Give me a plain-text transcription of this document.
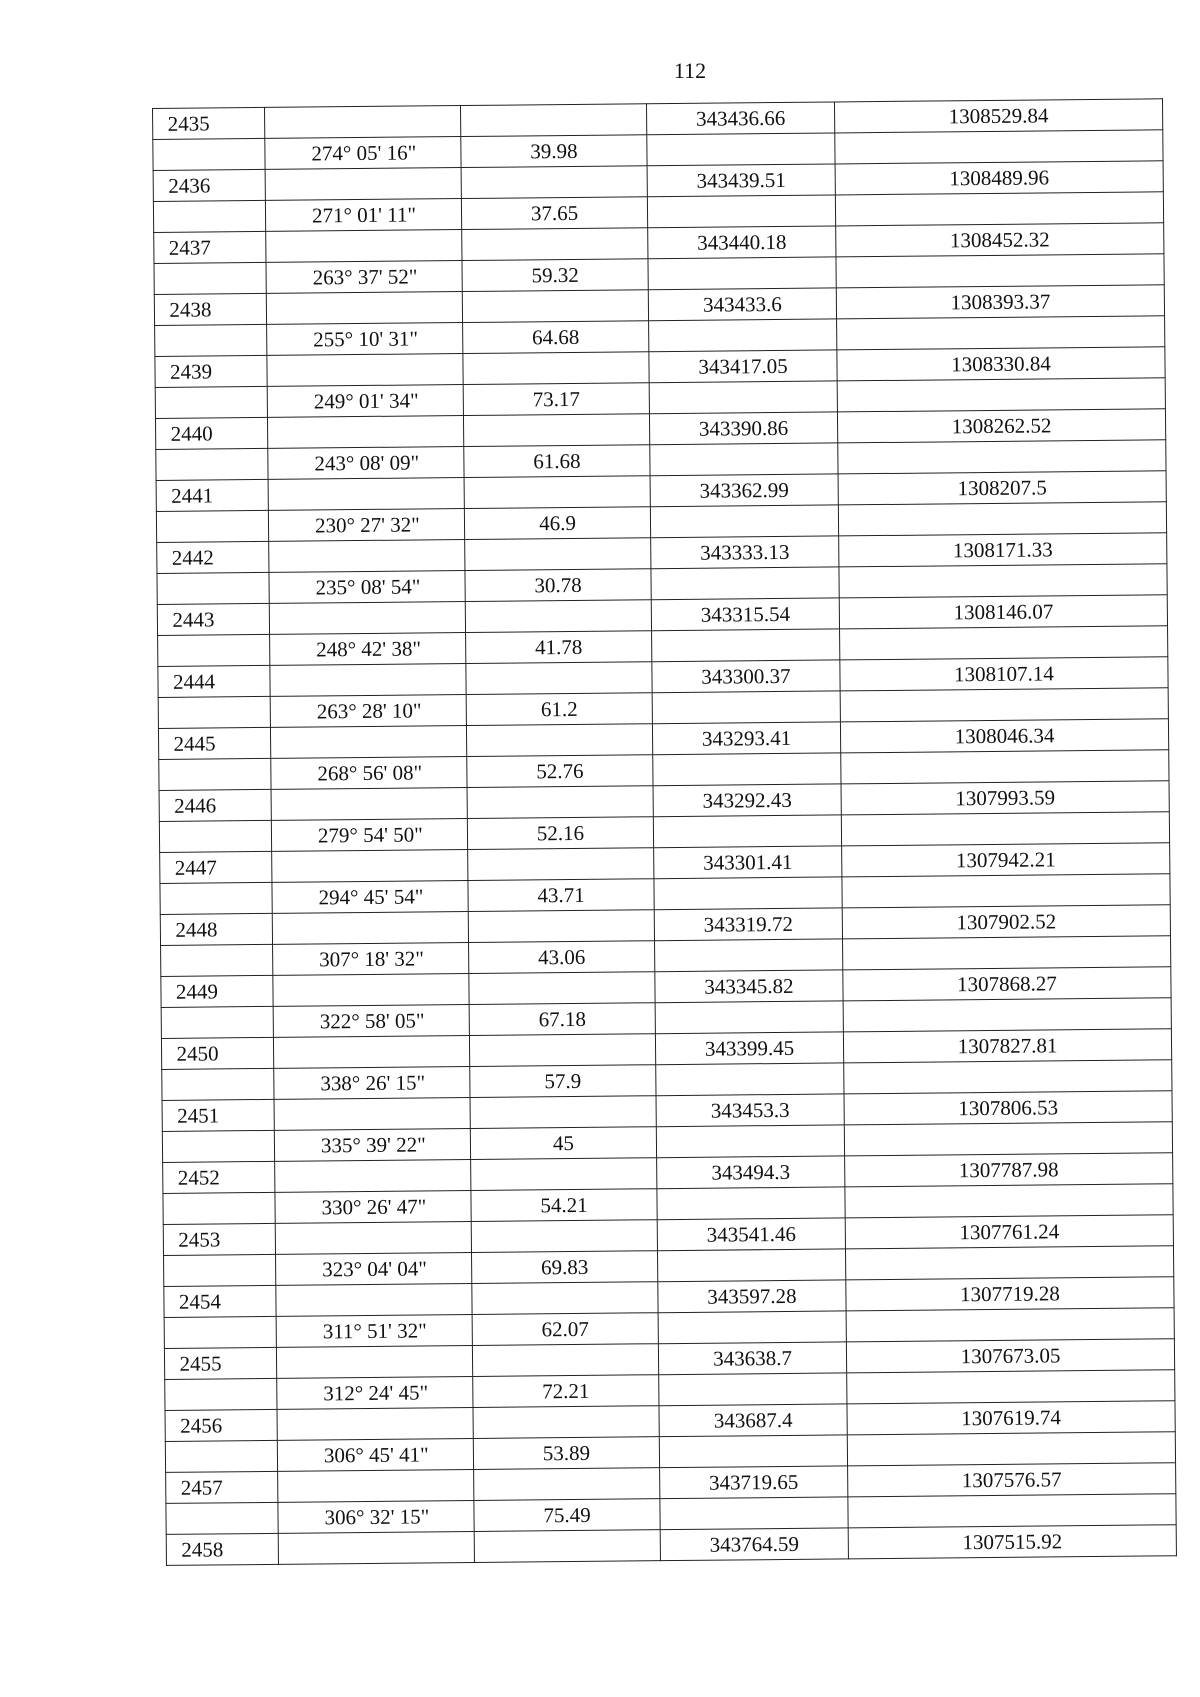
112
2435			343436.66	1308529.84
	274° 05' 16"	39.98		
2436			343439.51	1308489.96
	271° 01' 11"	37.65		
2437			343440.18	1308452.32
	263° 37' 52"	59.32		
2438			343433.6	1308393.37
	255° 10' 31"	64.68		
2439			343417.05	1308330.84
	249° 01' 34"	73.17		
2440			343390.86	1308262.52
	243° 08' 09"	61.68		
2441			343362.99	1308207.5
	230° 27' 32"	46.9		
2442			343333.13	1308171.33
	235° 08' 54"	30.78		
2443			343315.54	1308146.07
	248° 42' 38"	41.78		
2444			343300.37	1308107.14
	263° 28' 10"	61.2		
2445			343293.41	1308046.34
	268° 56' 08"	52.76		
2446			343292.43	1307993.59
	279° 54' 50"	52.16		
2447			343301.41	1307942.21
	294° 45' 54"	43.71		
2448			343319.72	1307902.52
	307° 18' 32"	43.06		
2449			343345.82	1307868.27
	322° 58' 05"	67.18		
2450			343399.45	1307827.81
	338° 26' 15"	57.9		
2451			343453.3	1307806.53
	335° 39' 22"	45		
2452			343494.3	1307787.98
	330° 26' 47"	54.21		
2453			343541.46	1307761.24
	323° 04' 04"	69.83		
2454			343597.28	1307719.28
	311° 51' 32"	62.07		
2455			343638.7	1307673.05
	312° 24' 45"	72.21		
2456			343687.4	1307619.74
	306° 45' 41"	53.89		
2457			343719.65	1307576.57
	306° 32' 15"	75.49		
2458			343764.59	1307515.92
